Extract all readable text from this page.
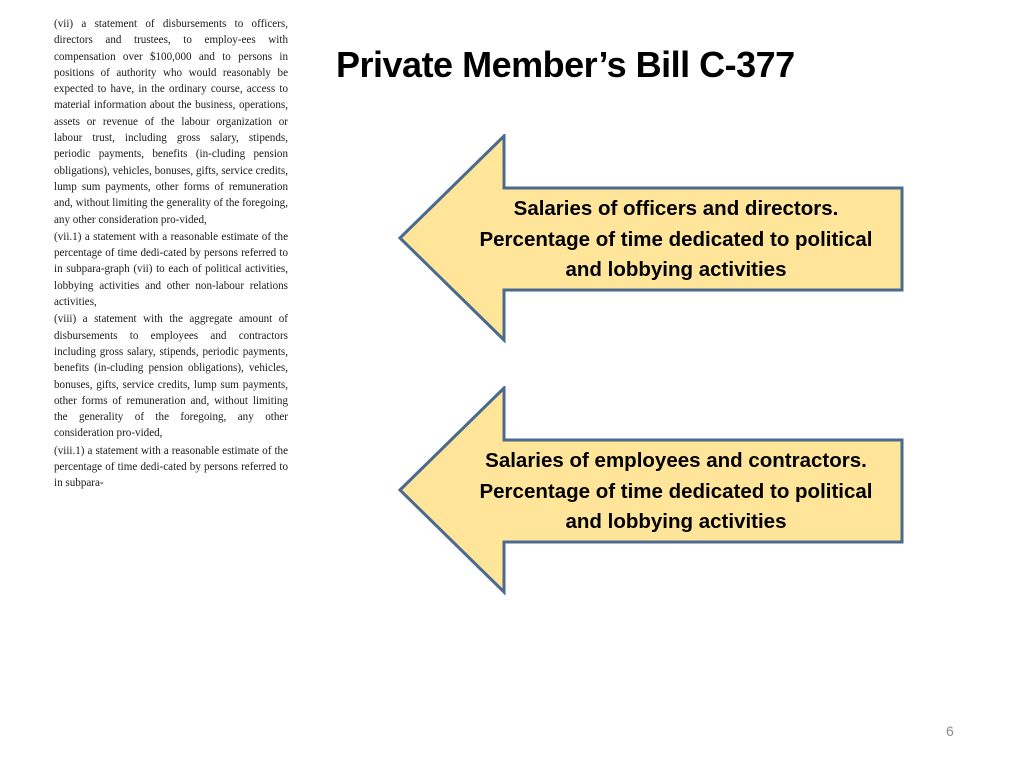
(vii) a statement of disbursements to officers, directors and trustees, to employ-ees with compensation over $100,000 and to persons in positions of authority who would reasonably be expected to have, in the ordinary course, access to material information about the business, operations, assets or revenue of the labour organization or labour trust, including gross salary, stipends, periodic payments, benefits (in-cluding pension obligations), vehicles, bonuses, gifts, service credits, lump sum payments, other forms of remuneration and, without limiting the generality of the foregoing, any other consideration pro-vided,

(vii.1) a statement with a reasonable estimate of the percentage of time dedi-cated by persons referred to in subpara-graph (vii) to each of political activities, lobbying activities and other non-labour relations activities,

(viii) a statement with the aggregate amount of disbursements to employees and contractors including gross salary, stipends, periodic payments, benefits (in-cluding pension obligations), vehicles, bonuses, gifts, service credits, lump sum payments, other forms of remuneration and, without limiting the generality of the foregoing, any other consideration pro-vided,

(viii.1) a statement with a reasonable estimate of the percentage of time dedi-cated by persons referred to in subpara-

Private Member’s Bill C-377
Salaries of officers and directors.
Percentage of time dedicated to political
and lobbying activities
Salaries of employees and contractors.
Percentage of time dedicated to political
and lobbying activities
6
